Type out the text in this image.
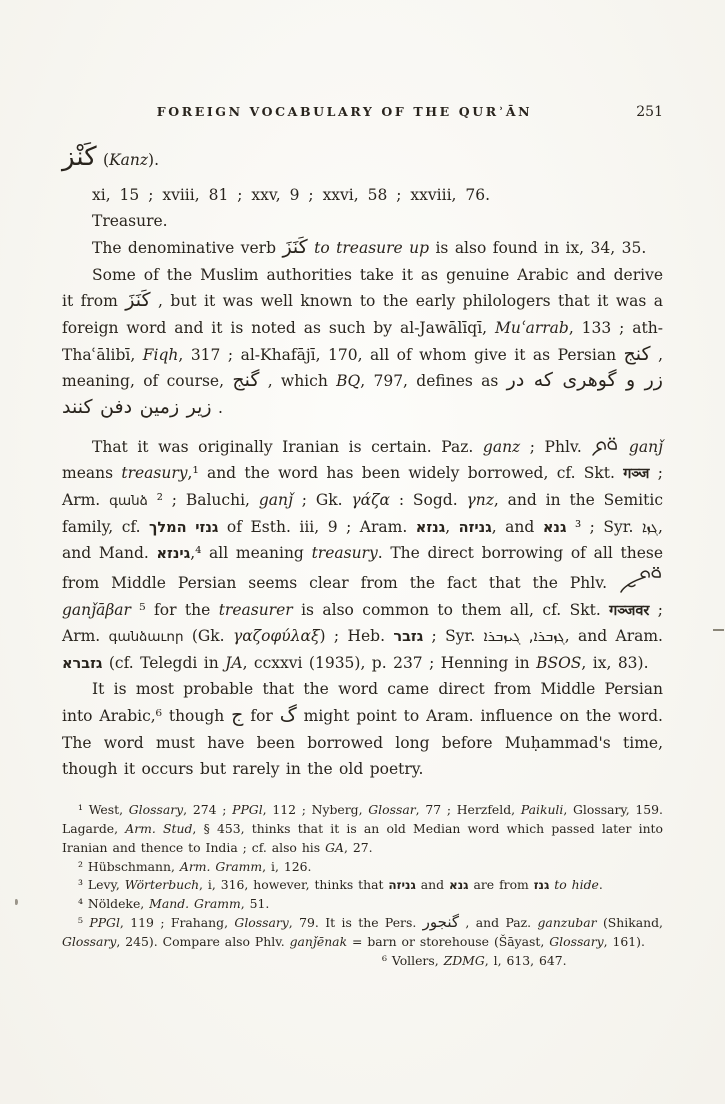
FOREIGN VOCABULARY OF THE QURʾĀN	251

كَنْز (Kanz).

xi, 15 ; xviii, 81 ; xxv, 9 ; xxvi, 58 ; xxviii, 76.

Treasure.

The denominative verb كَنَزَ to treasure up is also found in ix, 34, 35.

Some of the Muslim authorities take it as genuine Arabic and derive it from كَنَزَ , but it was well known to the early philologers that it was a foreign word and it is noted as such by al-Jawālīqī, Muʿarrab, 133 ; ath-Thaʿālibī, Fiqh, 317 ; al-Khafājī, 170, all of whom give it as Persian كنج , meaning, of course, گنج , which BQ, 797, defines as زر و گوهری که در زیر زمین دفن کنند .

That it was originally Iranian is certain. Paz. ganz ; Phlv.  ganǰ means treasury,¹ and the word has been widely borrowed, cf. Skt. गञ्ज ; Arm. գանձ ² ; Baluchi, ganǰ ; Gk. γάζα : Sogd. γnz, and in the Semitic family, cf. גנזי המלך of Esth. iii, 9 ; Aram. גנזא, גניזה, and גנא ³ ; Syr. ܓܙܐ, and Mand. גינזא,⁴ all meaning treasury. The direct borrowing of all these from Middle Persian seems clear from the fact that the Phlv.  ganǰāβar ⁵ for the treasurer is also common to them all, cf. Skt. गञ्जवर ; Arm. գանձաւոր (Gk. γαζοφύλαξ) ; Heb. גזבר ; Syr. ܓܙܒܪܐ, ܓܝܙܒܪܐ, and Aram. גזברא (cf. Telegdi in JA, ccxxvi (1935), p. 237 ; Henning in BSOS, ix, 83).

It is most probable that the word came direct from Middle Persian into Arabic,⁶ though ج for گ might point to Aram. influence on the word. The word must have been borrowed long before Muḥammad's time, though it occurs but rarely in the old poetry.

¹ West, Glossary, 274 ; PPGl, 112 ; Nyberg, Glossar, 77 ; Herzfeld, Paikuli, Glossary, 159. Lagarde, Arm. Stud, § 453, thinks that it is an old Median word which passed later into Iranian and thence to India ; cf. also his GA, 27.

² Hübschmann, Arm. Gramm, i, 126.

³ Levy, Wörterbuch, i, 316, however, thinks that גניזה and גנא are from גנז to hide.

⁴ Nöldeke, Mand. Gramm, 51.

⁵ PPGl, 119 ; Frahang, Glossary, 79. It is the Pers. گنجور , and Paz. ganzubar (Shikand, Glossary, 245). Compare also Phlv. ganǰēnak = barn or storehouse (Šāyast, Glossary, 161).

⁶ Vollers, ZDMG, l, 613, 647.
